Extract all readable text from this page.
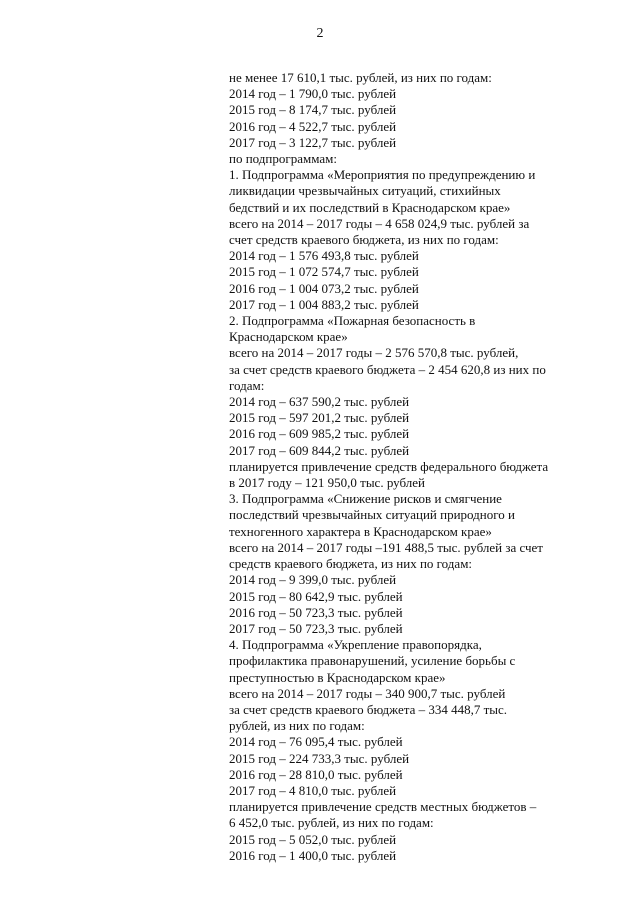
2
не менее 17 610,1 тыс. рублей, из них по годам:
2014 год – 1 790,0 тыс. рублей
2015 год – 8 174,7 тыс. рублей
2016 год – 4 522,7 тыс. рублей
2017 год – 3 122,7 тыс. рублей
по подпрограммам:
1. Подпрограмма «Мероприятия по предупреждению и
ликвидации чрезвычайных ситуаций, стихийных
бедствий и их последствий в Краснодарском крае»
всего на 2014 – 2017 годы – 4 658 024,9 тыс. рублей за
счет средств краевого бюджета, из них по годам:
2014 год – 1 576 493,8 тыс. рублей
2015 год – 1 072 574,7 тыс. рублей
2016 год – 1 004 073,2 тыс. рублей
2017 год – 1 004 883,2 тыс. рублей
2. Подпрограмма «Пожарная безопасность в
Краснодарском крае»
всего на 2014 – 2017 годы – 2 576 570,8 тыс. рублей,
за счет средств краевого бюджета – 2 454 620,8 из них по
годам:
2014 год – 637 590,2 тыс. рублей
2015 год – 597 201,2 тыс. рублей
2016 год – 609 985,2 тыс. рублей
2017 год – 609 844,2 тыс. рублей
планируется привлечение средств федерального бюджета
в 2017 году – 121 950,0 тыс. рублей
3. Подпрограмма «Снижение рисков и смягчение
последствий чрезвычайных ситуаций природного и
техногенного характера в Краснодарском крае»
всего на 2014 – 2017 годы –191 488,5 тыс. рублей за счет
средств краевого бюджета, из них по годам:
2014 год – 9 399,0 тыс. рублей
2015 год – 80 642,9 тыс. рублей
2016 год – 50 723,3 тыс. рублей
2017 год – 50 723,3 тыс. рублей
4. Подпрограмма «Укрепление правопорядка,
профилактика правонарушений, усиление борьбы с
преступностью в Краснодарском крае»
всего на 2014 – 2017 годы – 340 900,7 тыс. рублей
за счет средств краевого бюджета – 334 448,7 тыс.
рублей, из них по годам:
2014 год – 76 095,4 тыс. рублей
2015 год – 224 733,3 тыс. рублей
2016 год – 28 810,0 тыс. рублей
2017 год – 4 810,0 тыс. рублей
планируется привлечение средств местных бюджетов –
6 452,0 тыс. рублей, из них по годам:
2015 год – 5 052,0 тыс. рублей
2016 год – 1 400,0 тыс. рублей
